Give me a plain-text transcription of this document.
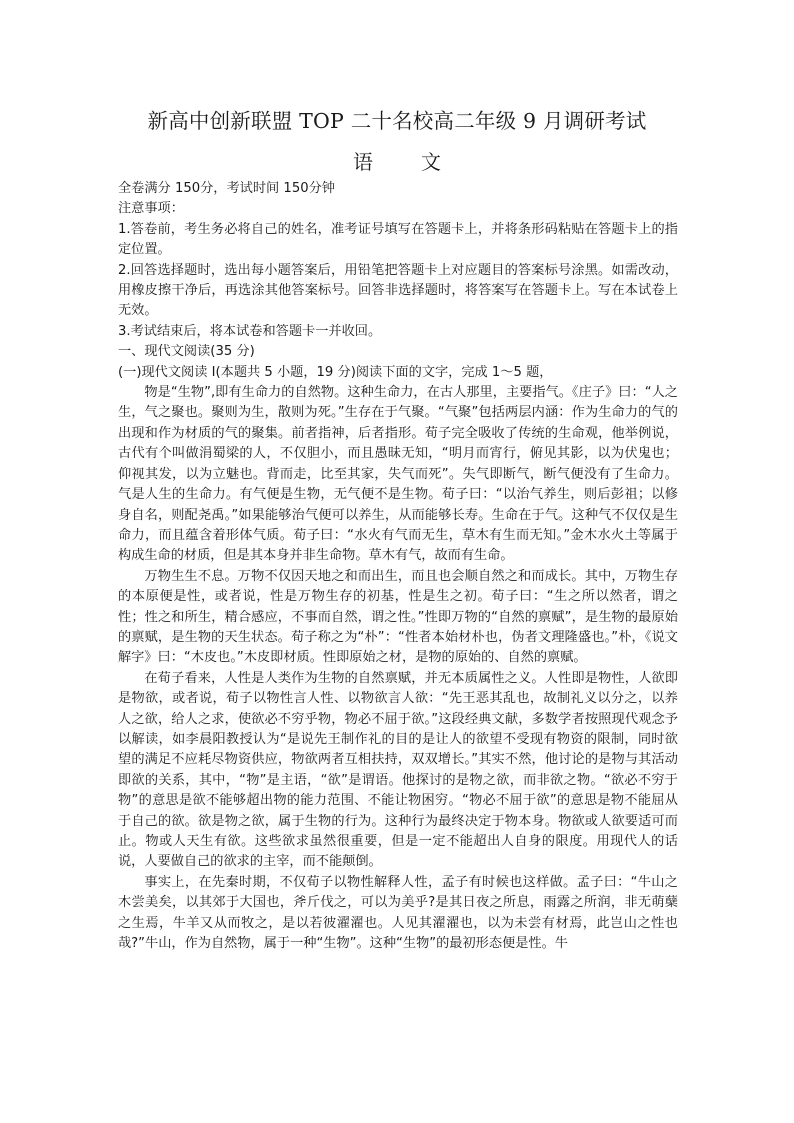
新高中创新联盟 TOP 二十名校高二年级 9 月调研考试
语 文

全卷满分 150分，考试时间 150分钟

注意事项：

1.答卷前，考生务必将自己的姓名，准考证号填写在答题卡上，并将条形码粘贴在答题卡上的指定位置。

2.回答选择题时，选出每小题答案后，用铅笔把答题卡上对应题目的答案标号涂黑。如需改动，用橡皮擦干净后，再选涂其他答案标号。回答非选择题时，将答案写在答题卡上。写在本试卷上无效。

3.考试结束后，将本试卷和答题卡一并收回。

一、现代文阅读(35 分)

(一)现代文阅读 I(本题共 5 小题，19 分)阅读下面的文字，完成 1～5 题，

物是“生物”,即有生命力的自然物。这种生命力，在古人那里，主要指气。《庄子》曰：“人之生，气之聚也。聚则为生，散则为死。”生存在于气聚。“气聚”包括两层内涵：作为生命力的气的出现和作为材质的气的聚集。前者指神，后者指形。荀子完全吸收了传统的生命观，他举例说，古代有个叫做涓蜀梁的人，不仅胆小，而且愚昧无知，“明月而宵行，俯见其影，以为伏鬼也；仰视其发，以为立魅也。背而走，比至其家，失气而死”。失气即断气，断气便没有了生命力。气是人生的生命力。有气便是生物，无气便不是生物。荀子曰：“以治气养生，则后彭祖；以修身自名，则配尧禹。”如果能够治气便可以养生，从而能够长寿。生命在于气。这种气不仅仅是生命力，而且蕴含着形体气质。荀子曰：“水火有气而无生，草木有生而无知。”金木水火土等属于构成生命的材质，但是其本身并非生命物。草木有气，故而有生命。

万物生生不息。万物不仅因天地之和而出生，而且也会顺自然之和而成长。其中，万物生存的本原便是性，或者说，性是万物生存的初基，性是生之初。荀子曰：“生之所以然者，谓之性；性之和所生，精合感应，不事而自然，谓之性。”性即万物的“自然的禀赋”，是生物的最原始的禀赋，是生物的天生状态。荀子称之为“朴”：“性者本始材朴也，伪者文理隆盛也。”朴，《说文解字》曰：“木皮也。”木皮即材质。性即原始之材，是物的原始的、自然的禀赋。

在荀子看来，人性是人类作为生物的自然禀赋，并无本质属性之义。人性即是物性，人欲即是物欲，或者说，荀子以物性言人性、以物欲言人欲：“先王恶其乱也，故制礼义以分之，以养人之欲，给人之求，使欲必不穷乎物，物必不屈于欲。”这段经典文献，多数学者按照现代观念予以解读，如李晨阳教授认为“是说先王制作礼的目的是让人的欲望不受现有物资的限制，同时欲望的满足不应耗尽物资供应，物欲两者互相扶持，双双增长。”其实不然，他讨论的是物与其活动即欲的关系，其中，“物”是主语，“欲”是谓语。他探讨的是物之欲，而非欲之物。“欲必不穷于物”的意思是欲不能够超出物的能力范围、不能让物困穷。“物必不屈于欲”的意思是物不能屈从于自己的欲。欲是物之欲，属于生物的行为。这种行为最终决定于物本身。物欲或人欲要适可而止。物或人天生有欲。这些欲求虽然很重要，但是一定不能超出人自身的限度。用现代人的话说，人要做自己的欲求的主宰，而不能颠倒。

事实上，在先秦时期，不仅荀子以物性解释人性，孟子有时候也这样做。孟子曰：“牛山之木尝美矣，以其郊于大国也，斧斤伐之，可以为美乎?是其日夜之所息，雨露之所润，非无萌蘖之生焉，牛羊又从而牧之，是以若彼濯濯也。人见其濯濯也，以为未尝有材焉，此岂山之性也哉?”牛山，作为自然物，属于一种“生物”。这种“生物”的最初形态便是性。牛
